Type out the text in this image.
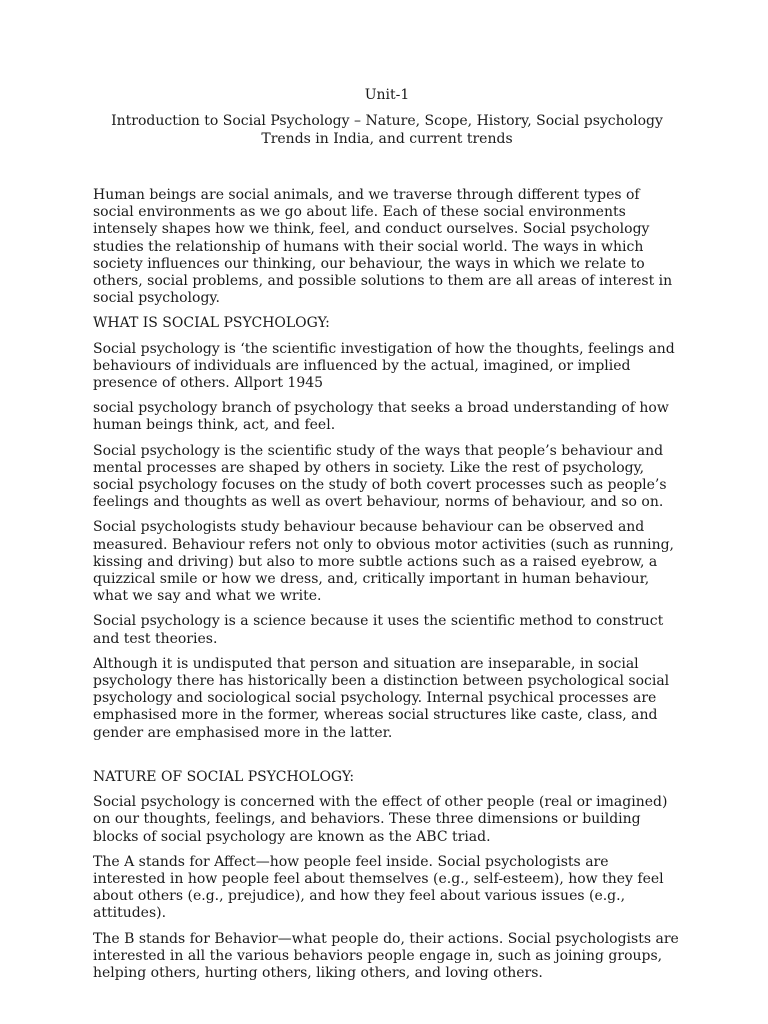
Unit-1
Introduction to Social Psychology – Nature, Scope, History, Social psychology Trends in India, and current trends

Human beings are social animals, and we traverse through different types of social environments as we go about life. Each of these social environments intensely shapes how we think, feel, and conduct ourselves. Social psychology studies the relationship of humans with their social world. The ways in which society influences our thinking, our behaviour, the ways in which we relate to others, social problems, and possible solutions to them are all areas of interest in social psychology.

WHAT IS SOCIAL PSYCHOLOGY:

Social psychology is ‘the scientific investigation of how the thoughts, feelings and behaviours of individuals are influenced by the actual, imagined, or implied presence of others. Allport 1945

social psychology branch of psychology that seeks a broad understanding of how human beings think, act, and feel.

Social psychology is the scientific study of the ways that people’s behaviour and mental processes are shaped by others in society. Like the rest of psychology, social psychology focuses on the study of both covert processes such as people’s feelings and thoughts as well as overt behaviour, norms of behaviour, and so on.

Social psychologists study behaviour because behaviour can be observed and measured. Behaviour refers not only to obvious motor activities (such as running, kissing and driving) but also to more subtle actions such as a raised eyebrow, a quizzical smile or how we dress, and, critically important in human behaviour, what we say and what we write.

Social psychology is a science because it uses the scientific method to construct and test theories.

Although it is undisputed that person and situation are inseparable, in social psychology there has historically been a distinction between psychological social psychology and sociological social psychology. Internal psychical processes are emphasised more in the former, whereas social structures like caste, class, and gender are emphasised more in the latter.

NATURE OF SOCIAL PSYCHOLOGY:

Social psychology is concerned with the effect of other people (real or imagined) on our thoughts, feelings, and behaviors. These three dimensions or building blocks of social psychology are known as the ABC triad.

The A stands for Affect—how people feel inside. Social psychologists are interested in how people feel about themselves (e.g., self-esteem), how they feel about others (e.g., prejudice), and how they feel about various issues (e.g., attitudes).

The B stands for Behavior—what people do, their actions. Social psychologists are interested in all the various behaviors people engage in, such as joining groups, helping others, hurting others, liking others, and loving others.
